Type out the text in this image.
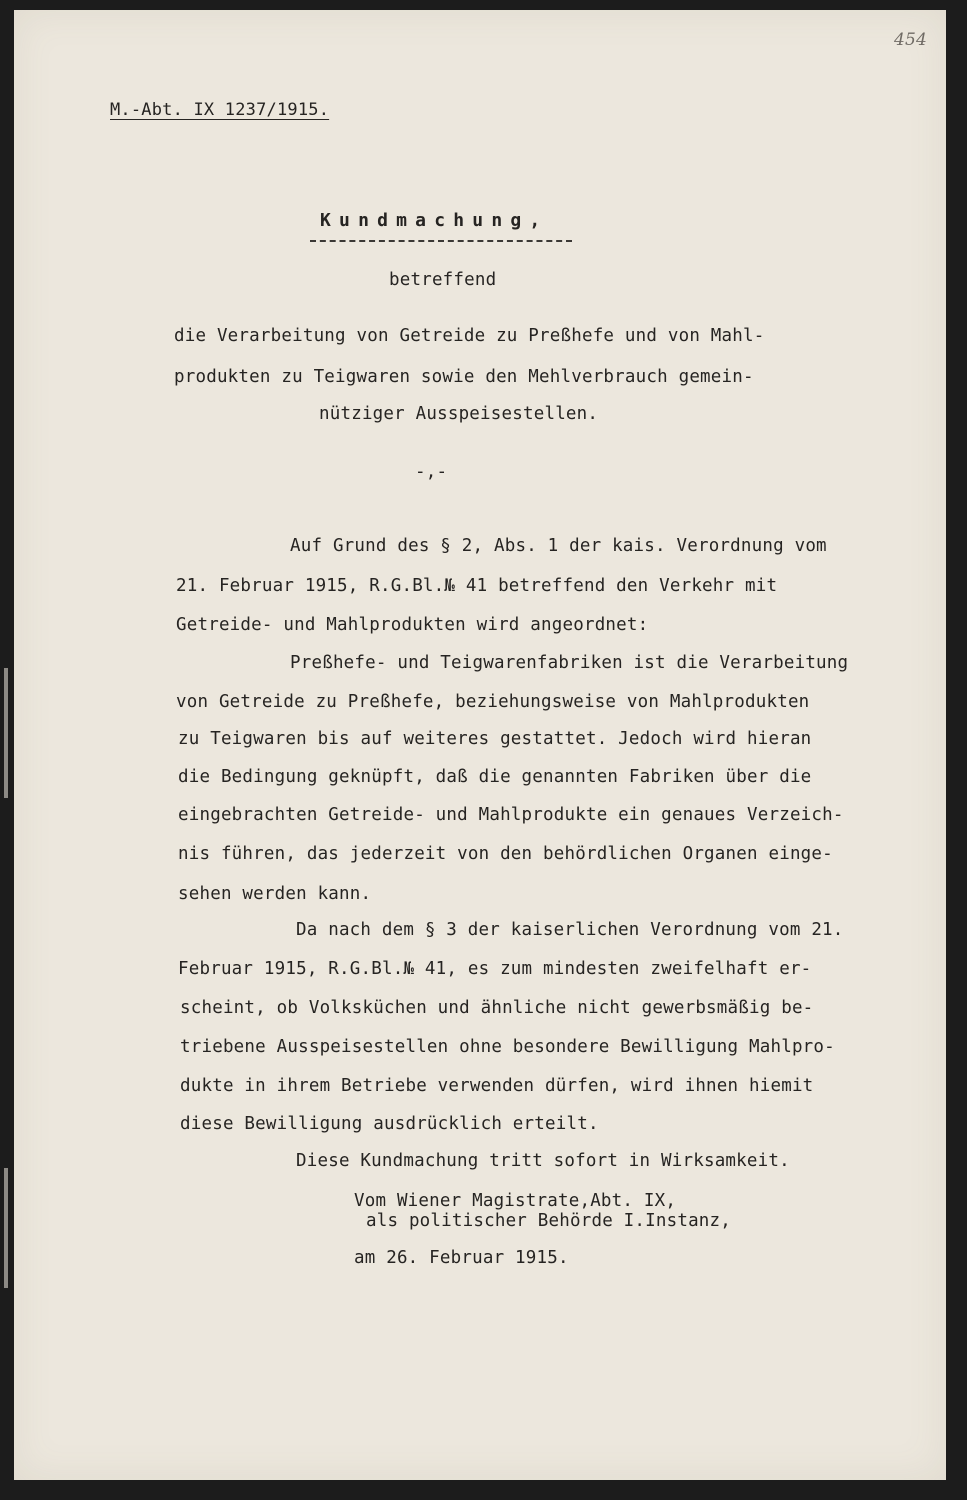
454
M.-Abt. IX 1237/1915.
Kundmachung,
betreffend
die Verarbeitung von Getreide zu Preßhefe und von Mahl-
produkten zu Teigwaren sowie den Mehlverbrauch gemein-
nütziger Ausspeisestellen.
-,-
Auf Grund des § 2, Abs. 1 der kais. Verordnung vom
21. Februar 1915, R.G.Bl.№ 41 betreffend den Verkehr mit
Getreide- und Mahlprodukten wird angeordnet:
Preßhefe- und Teigwarenfabriken ist die Verarbeitung
von Getreide zu Preßhefe, beziehungsweise von Mahlprodukten
zu Teigwaren bis auf weiteres gestattet. Jedoch wird hieran
die Bedingung geknüpft, daß die genannten Fabriken über die
eingebrachten Getreide- und Mahlprodukte ein genaues Verzeich-
nis führen, das jederzeit von den behördlichen Organen einge-
sehen werden kann.
Da nach dem § 3 der kaiserlichen Verordnung vom 21.
Februar 1915, R.G.Bl.№ 41, es zum mindesten zweifelhaft er-
scheint, ob Volksküchen und ähnliche nicht gewerbsmäßig be-
triebene Ausspeisestellen ohne besondere Bewilligung Mahlpro-
dukte in ihrem Betriebe verwenden dürfen, wird ihnen hiemit
diese Bewilligung ausdrücklich erteilt.
Diese Kundmachung tritt sofort in Wirksamkeit.
Vom Wiener Magistrate,Abt. IX,
als politischer Behörde I.Instanz,
am 26. Februar 1915.
